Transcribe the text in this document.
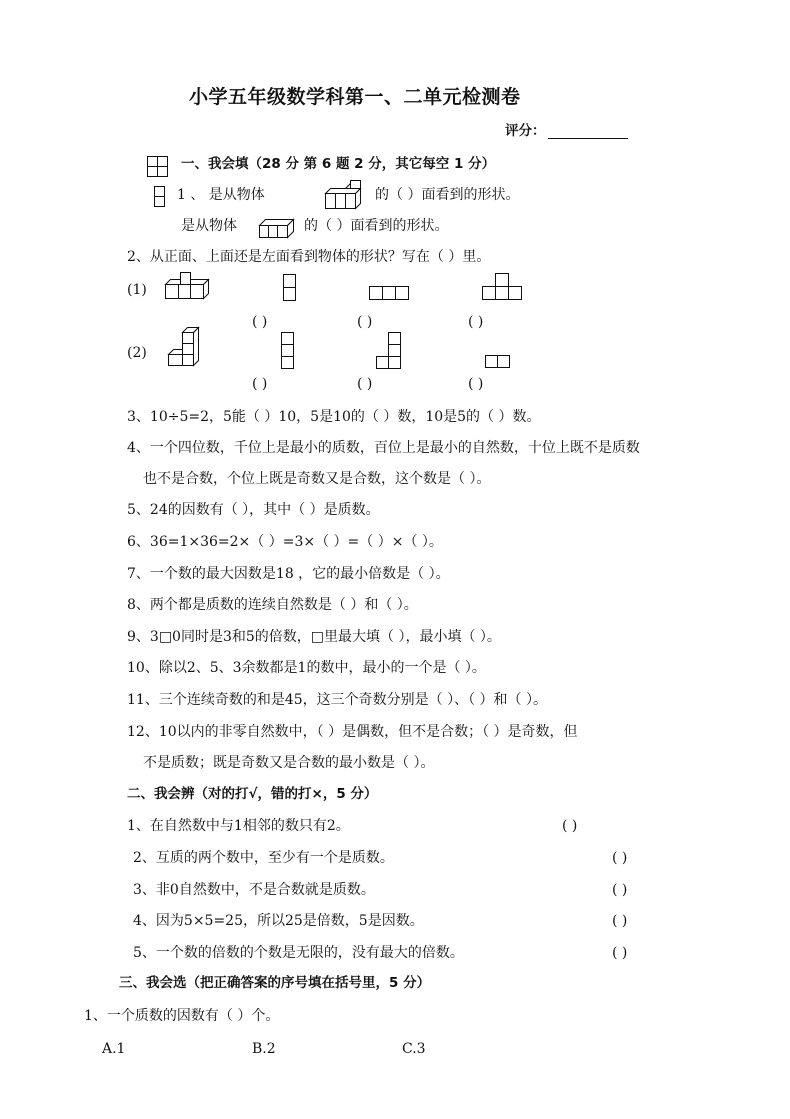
小学五年级数学科第一、二单元检测卷
评分：
一、我会填（28 分 第 6 题 2 分，其它每空 1 分）
1 、 是从物体	的（ ）面看到的形状。
是从物体	的（ ）面看到的形状。
2、从正面、上面还是左面看到物体的形状？写在（ ）里。
(1)
( )	( )	( )
(2)
( )	( )	( )
3、10÷5=2，5能（ ）10，5是10的（ ）数，10是5的（ ）数。
4、一个四位数，千位上是最小的质数，百位上是最小的自然数，十位上既不是质数
也不是合数，个位上既是奇数又是合数，这个数是（ ）。
5、24的因数有（ ），其中（ ）是质数。
6、36=1×36=2×（ ）=3×（ ）=（ ）×（ ）。
7、一个数的最大因数是18 ，它的最小倍数是（ ）。
8、两个都是质数的连续自然数是（ ）和（ ）。
9、3□0同时是3和5的倍数，□里最大填（ ），最小填（ ）。
10、除以2、5、3余数都是1的数中，最小的一个是（ ）。
11、三个连续奇数的和是45，这三个奇数分别是（ ）、（ ）和（ ）。
12、10以内的非零自然数中，（ ）是偶数，但不是合数；（ ）是奇数，但
不是质数；既是奇数又是合数的最小数是（ ）。
二、我会辨（对的打√，错的打×，5 分）
1、在自然数中与1相邻的数只有2。	( )
2、互质的两个数中，至少有一个是质数。	( )
3、非0自然数中，不是合数就是质数。	( )
4、因为5×5=25，所以25是倍数，5是因数。	( )
5、一个数的倍数的个数是无限的，没有最大的倍数。	( )
三、我会选（把正确答案的序号填在括号里，5 分）
1、一个质数的因数有（ ）个。
A.1	B.2	C.3
